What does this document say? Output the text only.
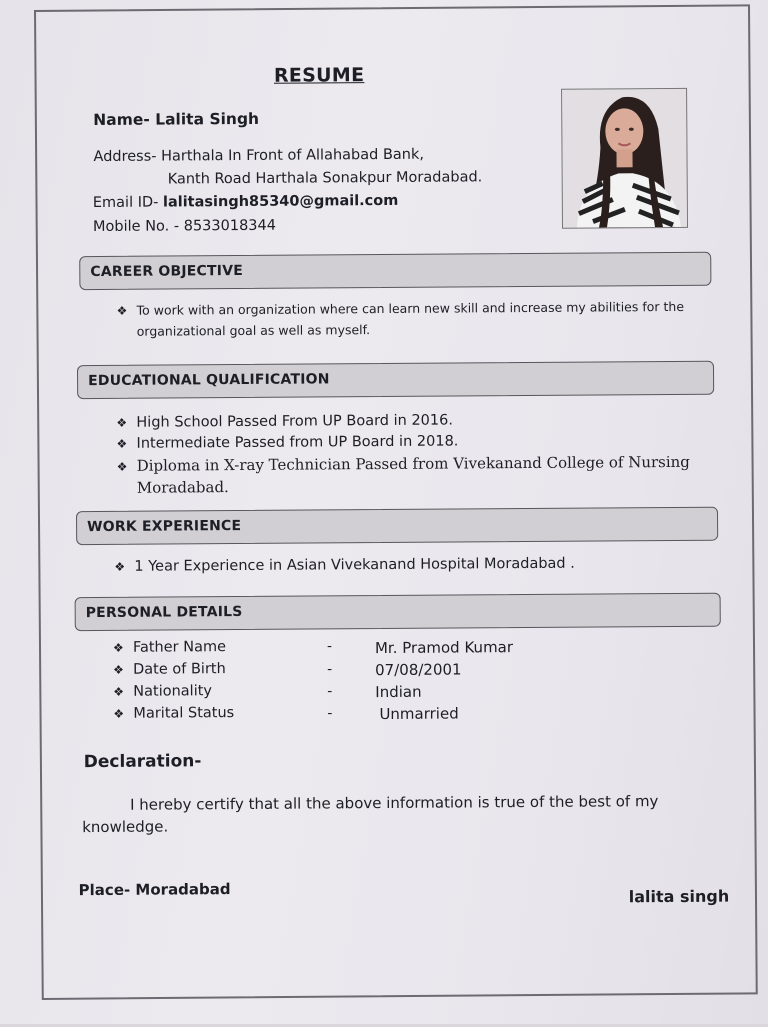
RESUME
Name- Lalita Singh
Address- Harthala In Front of Allahabad Bank,
Kanth Road Harthala Sonakpur Moradabad.
Email ID- lalitasingh85340@gmail.com
Mobile No. - 8533018344
CAREER OBJECTIVE
❖ To work with an organization where can learn new skill and increase my abilities for the
organizational goal as well as myself.
EDUCATIONAL QUALIFICATION
❖ High School Passed From UP Board in 2016.
❖ Intermediate Passed from UP Board in 2018.
❖ Diploma in X-ray Technician Passed from Vivekanand College of Nursing
Moradabad.
WORK EXPERIENCE
❖ 1 Year Experience in Asian Vivekanand Hospital Moradabad .
PERSONAL DETAILS
❖ Father Name	-	Mr. Pramod Kumar
❖ Date of Birth	-	07/08/2001
❖ Nationality	-	Indian
❖ Marital Status	-	Unmarried
Declaration-
I hereby certify that all the above information is true of the best of my knowledge.
Place- Moradabad	lalita singh
